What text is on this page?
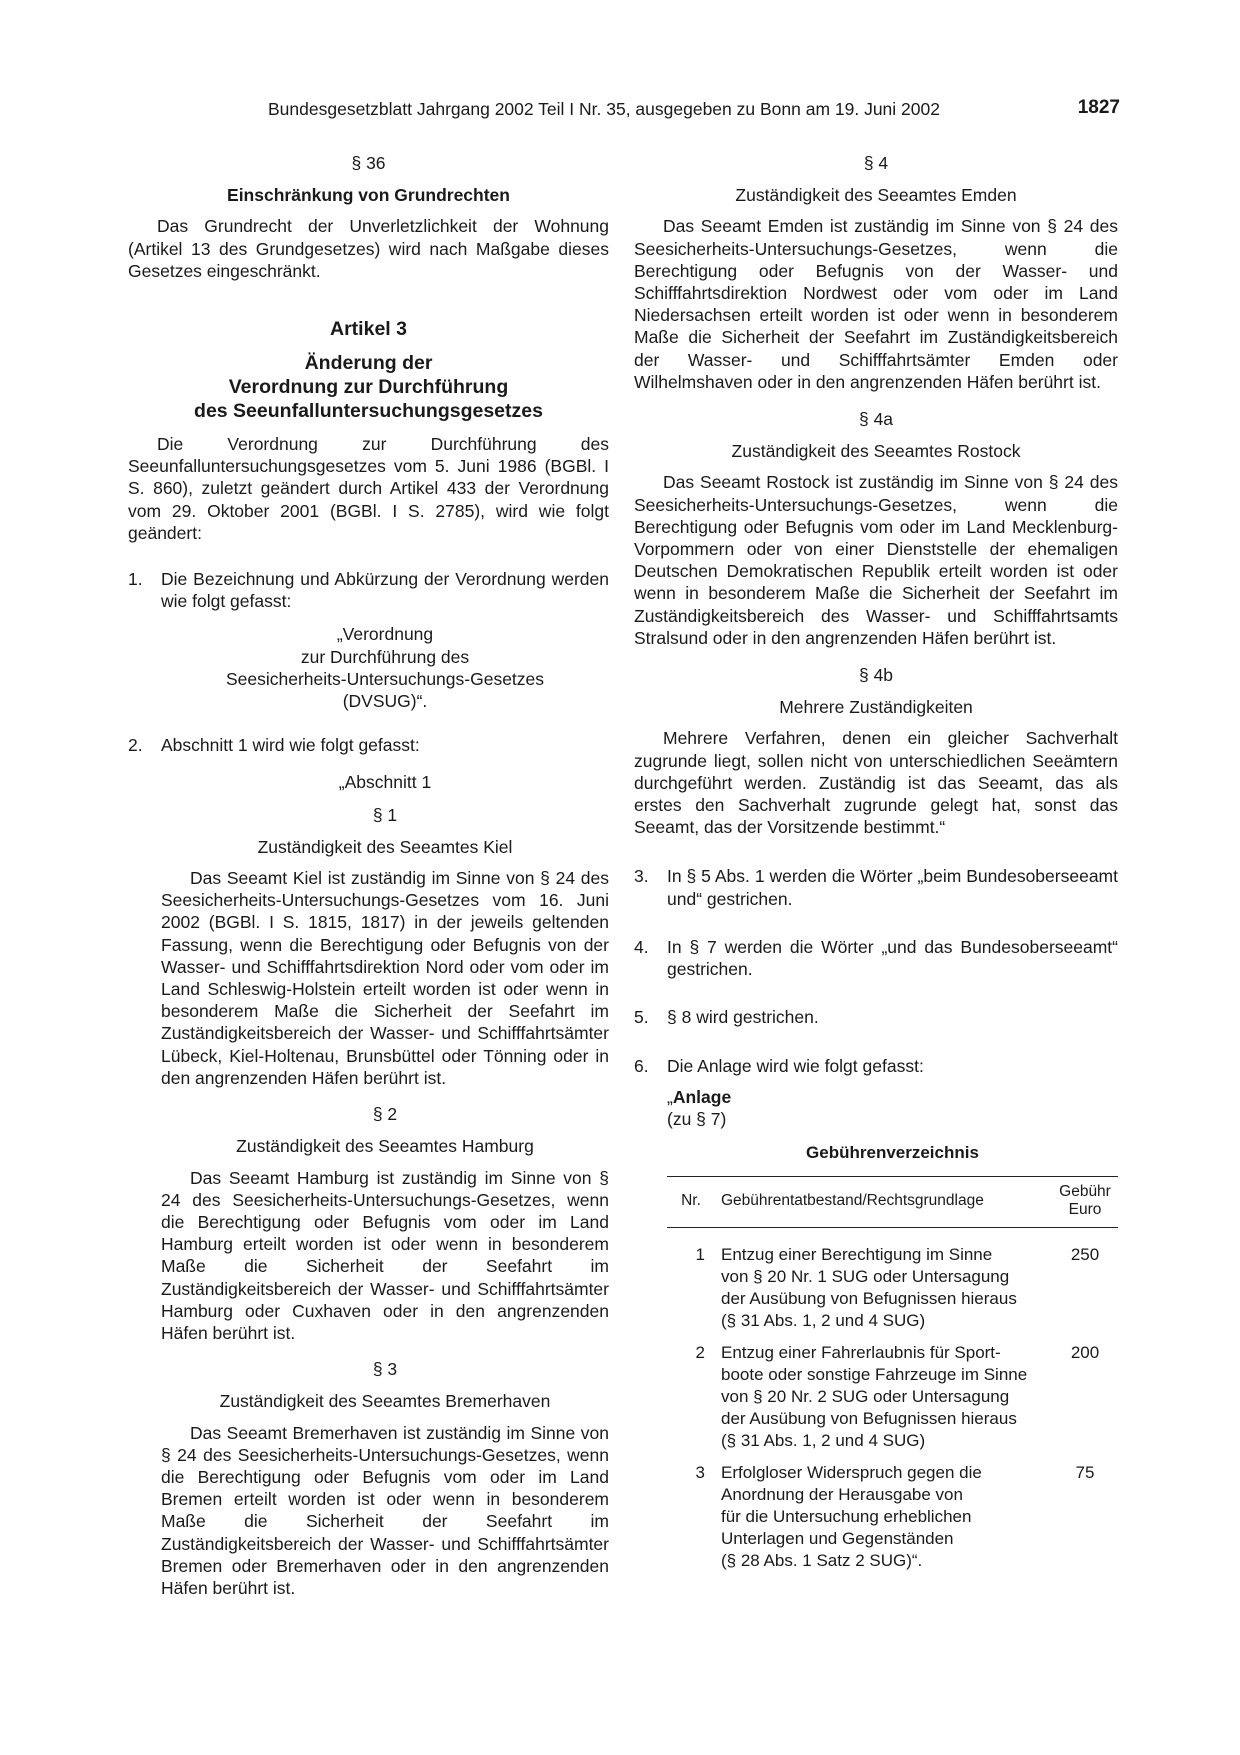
Bundesgesetzblatt Jahrgang 2002 Teil I Nr. 35, ausgegeben zu Bonn am 19. Juni 2002	1827

§ 36

Einschränkung von Grundrechten

Das Grundrecht der Unverletzlichkeit der Wohnung (Artikel 13 des Grundgesetzes) wird nach Maßgabe dieses Gesetzes eingeschränkt.

Artikel 3

Änderung der

Verordnung zur Durchführung

des Seeunfalluntersuchungsgesetzes

Die Verordnung zur Durchführung des Seeunfalluntersuchungsgesetzes vom 5. Juni 1986 (BGBl. I S. 860), zuletzt geändert durch Artikel 433 der Verordnung vom 29. Oktober 2001 (BGBl. I S. 2785), wird wie folgt geändert:

1. Die Bezeichnung und Abkürzung der Verordnung werden wie folgt gefasst:

„Verordnung

zur Durchführung des

Seesicherheits-Untersuchungs-Gesetzes

(DVSUG)“.

2. Abschnitt 1 wird wie folgt gefasst:

„Abschnitt 1

§ 1

Zuständigkeit des Seeamtes Kiel

Das Seeamt Kiel ist zuständig im Sinne von § 24 des Seesicherheits-Untersuchungs-Gesetzes vom 16. Juni 2002 (BGBl. I S. 1815, 1817) in der jeweils geltenden Fassung, wenn die Berechtigung oder Befugnis von der Wasser- und Schifffahrtsdirektion Nord oder vom oder im Land Schleswig-Holstein erteilt worden ist oder wenn in besonderem Maße die Sicherheit der Seefahrt im Zuständigkeitsbereich der Wasser- und Schifffahrtsämter Lübeck, Kiel-Holtenau, Brunsbüttel oder Tönning oder in den angrenzenden Häfen berührt ist.

§ 2

Zuständigkeit des Seeamtes Hamburg

Das Seeamt Hamburg ist zuständig im Sinne von § 24 des Seesicherheits-Untersuchungs-Gesetzes, wenn die Berechtigung oder Befugnis vom oder im Land Hamburg erteilt worden ist oder wenn in besonderem Maße die Sicherheit der Seefahrt im Zuständigkeitsbereich der Wasser- und Schifffahrtsämter Hamburg oder Cuxhaven oder in den angrenzenden Häfen berührt ist.

§ 3

Zuständigkeit des Seeamtes Bremerhaven

Das Seeamt Bremerhaven ist zuständig im Sinne von § 24 des Seesicherheits-Untersuchungs-Gesetzes, wenn die Berechtigung oder Befugnis vom oder im Land Bremen erteilt worden ist oder wenn in besonderem Maße die Sicherheit der Seefahrt im Zuständigkeitsbereich der Wasser- und Schifffahrtsämter Bremen oder Bremerhaven oder in den angrenzenden Häfen berührt ist.

§ 4

Zuständigkeit des Seeamtes Emden

Das Seeamt Emden ist zuständig im Sinne von § 24 des Seesicherheits-Untersuchungs-Gesetzes, wenn die Berechtigung oder Befugnis von der Wasser- und Schifffahrtsdirektion Nordwest oder vom oder im Land Niedersachsen erteilt worden ist oder wenn in besonderem Maße die Sicherheit der Seefahrt im Zuständigkeitsbereich der Wasser- und Schifffahrtsämter Emden oder Wilhelmshaven oder in den angrenzenden Häfen berührt ist.

§ 4a

Zuständigkeit des Seeamtes Rostock

Das Seeamt Rostock ist zuständig im Sinne von § 24 des Seesicherheits-Untersuchungs-Gesetzes, wenn die Berechtigung oder Befugnis vom oder im Land Mecklenburg-Vorpommern oder von einer Dienststelle der ehemaligen Deutschen Demokratischen Republik erteilt worden ist oder wenn in besonderem Maße die Sicherheit der Seefahrt im Zuständigkeitsbereich des Wasser- und Schifffahrtsamts Stralsund oder in den angrenzenden Häfen berührt ist.

§ 4b

Mehrere Zuständigkeiten

Mehrere Verfahren, denen ein gleicher Sachverhalt zugrunde liegt, sollen nicht von unterschiedlichen Seeämtern durchgeführt werden. Zuständig ist das Seeamt, das als erstes den Sachverhalt zugrunde gelegt hat, sonst das Seeamt, das der Vorsitzende bestimmt.“

3. In § 5 Abs. 1 werden die Wörter „beim Bundesoberseeamt und“ gestrichen.

4. In § 7 werden die Wörter „und das Bundesoberseeamt“ gestrichen.

5. § 8 wird gestrichen.

6. Die Anlage wird wie folgt gefasst:

„Anlage

(zu § 7)

Gebührenverzeichnis

Nr.	Gebührentatbestand/Rechtsgrundlage	Gebühr
Euro

1	Entzug einer Berechtigung im Sinne
von § 20 Nr. 1 SUG oder Untersagung
der Ausübung von Befugnissen hieraus
(§ 31 Abs. 1, 2 und 4 SUG)	250
2	Entzug einer Fahrerlaubnis für Sport-
boote oder sonstige Fahrzeuge im Sinne
von § 20 Nr. 2 SUG oder Untersagung
der Ausübung von Befugnissen hieraus
(§ 31 Abs. 1, 2 und 4 SUG)	200
3	Erfolgloser Widerspruch gegen die
Anordnung der Herausgabe von
für die Untersuchung erheblichen
Unterlagen und Gegenständen
(§ 28 Abs. 1 Satz 2 SUG)“.	75
